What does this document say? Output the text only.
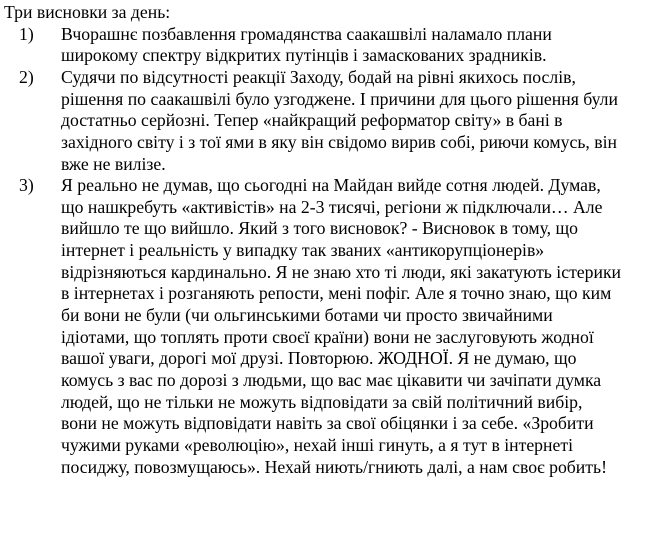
Три висновки за день:
1) Вчорашнє позбавлення громадянства саакашвілі наламало плани
широкому спектру відкритих путінців і замаскованих зрадників.
2) Судячи по відсутності реакції Заходу, бодай на рівні якихось послів,
рішення по саакашвілі було узгоджене. І причини для цього рішення були
достатньо серйозні. Тепер «найкращий реформатор світу» в бані в
західного світу і з тої ями в яку він свідомо вирив собі, риючи комусь, він
вже не вилізе.
3) Я реально не думав, що сьогодні на Майдан вийде сотня людей. Думав,
що нашкребуть «активістів» на 2-3 тисячі, регіони ж підключали… Але
вийшло те що вийшло. Який з того висновок? - Висновок в тому, що
інтернет і реальність у випадку так званих «антикорупціонерів»
відрізняються кардинально. Я не знаю хто ті люди, які закатують істерики
в інтернетах і розганяють репости, мені пофіг. Але я точно знаю, що ким
би вони не були (чи ольгинськими ботами чи просто звичайними
ідіотами, що топлять проти своєї країни) вони не заслуговують жодної
вашої уваги, дорогі мої друзі. Повторюю. ЖОДНОЇ. Я не думаю, що
комусь з вас по дорозі з людьми, що вас має цікавити чи зачіпати думка
людей, що не тільки не можуть відповідати за свій політичний вибір,
вони не можуть відповідати навіть за свої обіцянки і за себе. «Зробити
чужими руками «революцію», нехай інші гинуть, а я тут в інтернеті
посиджу, повозмущаюсь». Нехай ниють/гниють далі, а нам своє робить!
